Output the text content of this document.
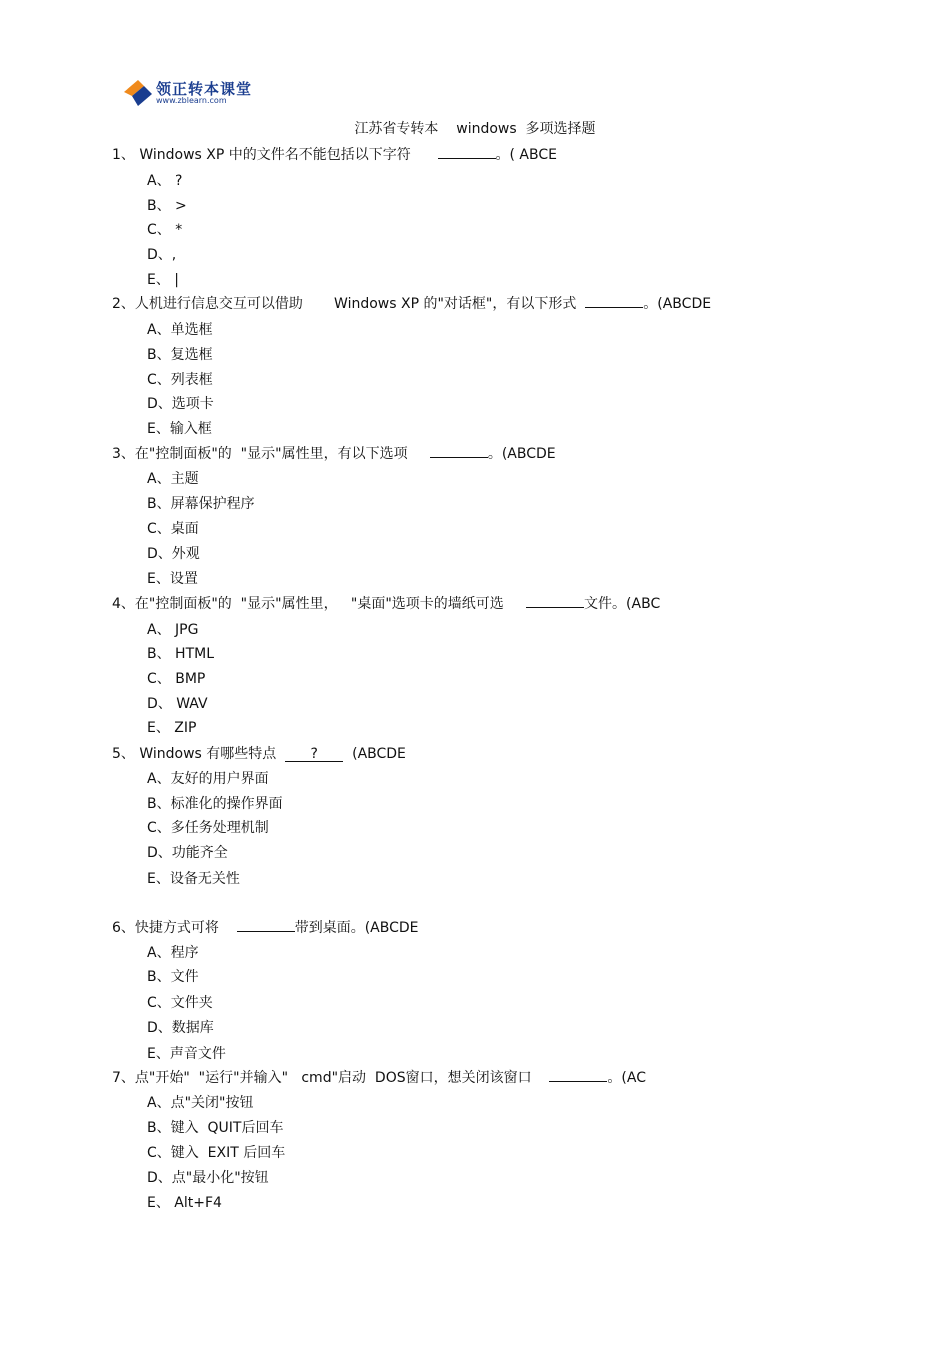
领正转本课堂
www.zblearn.com
江苏省专转本    windows  多项选择题
1、 Windows XP 中的文件名不能包括以下字符	。( ABCE
A、 ?
B、 >
C、 *
D、,
E、 |
2、人机进行信息交互可以借助       Windows XP 的"对话框"，有以下形式	。(ABCDE
A、单选框
B、复选框
C、列表框
D、选项卡
E、输入框
3、在"控制面板"的  "显示"属性里，有以下选项	。(ABCDE
A、主题
B、屏幕保护程序
C、桌面
D、外观
E、设置
4、在"控制面板"的  "显示"属性里，   "桌面"选项卡的墙纸可选	文件。(ABC
A、 JPG
B、 HTML
C、 BMP
D、 WAV
E、 ZIP
5、 Windows 有哪些特点  ?  (ABCDE
A、友好的用户界面
B、标准化的操作界面
C、多任务处理机制
D、功能齐全
E、设备无关性
6、快捷方式可将	带到桌面。(ABCDE
A、程序
B、文件
C、文件夹
D、数据库
E、声音文件
7、点"开始"  "运行"并输入"   cmd"启动  DOS窗口，想关闭该窗口	。(AC
A、点"关闭"按钮
B、键入  QUIT后回车
C、键入  EXIT 后回车
D、点"最小化"按钮
E、 Alt+F4
